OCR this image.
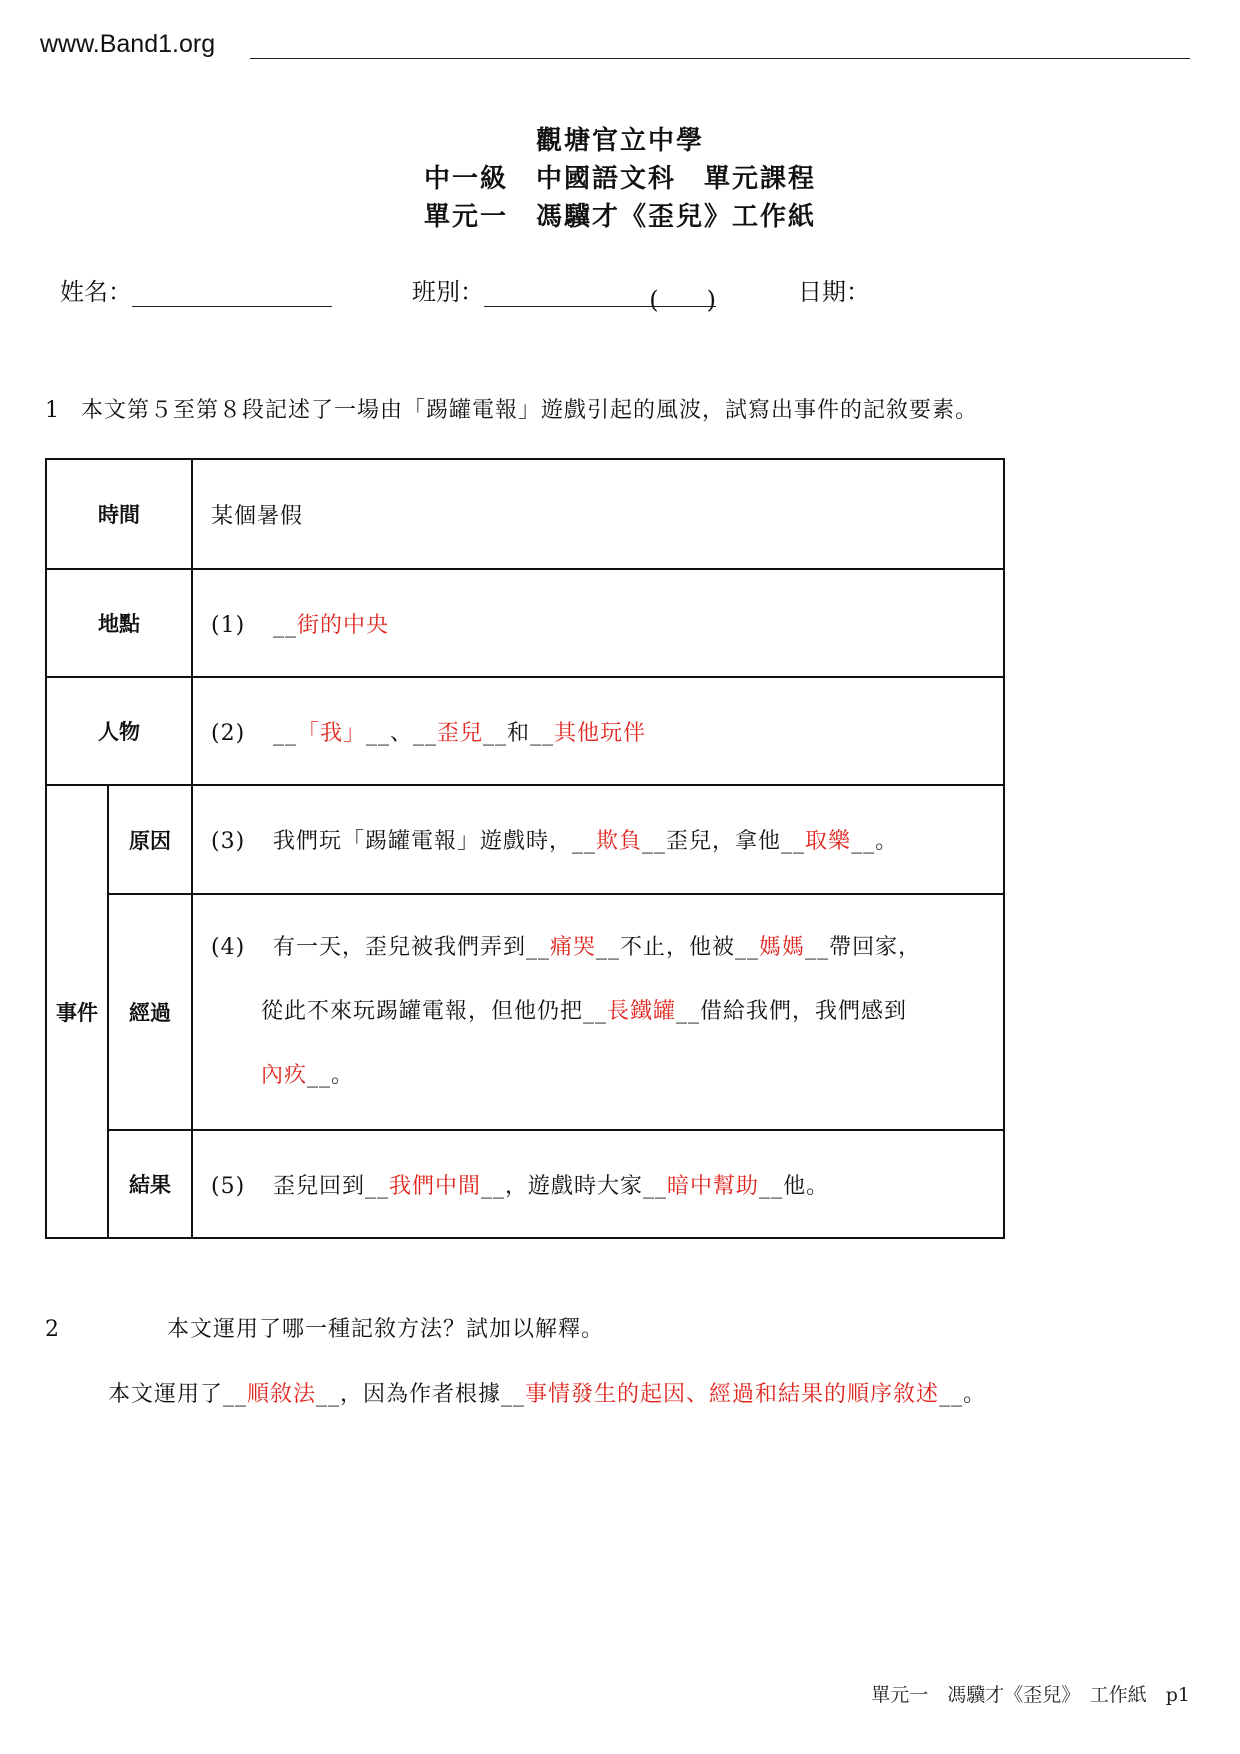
www.Band1.org
觀塘官立中學
中一級　中國語文科　單元課程
單元一　馮驥才《歪兒》工作紙
姓名：	班別：	(　　)	日期：
1 本文第５至第８段記述了一場由「踢罐電報」遊戲引起的風波，試寫出事件的記敘要素。
時間		某個暑假
地點		(1) __街的中央
人物		(2) __「我」__、__歪兒__和__其他玩伴
事件	原因	(3) 我們玩「踢罐電報」遊戲時，__欺負__歪兒，拿他__取樂__。
	經過	(4) 有一天，歪兒被我們弄到__痛哭__不止，他被__媽媽__帶回家，
從此不來玩踢罐電報，但他仍把__長鐵罐__借給我們，我們感到
內疚__。

	結果	(5) 歪兒回到__我們中間__，遊戲時大家__暗中幫助__他。
2	本文運用了哪一種記敘方法？試加以解釋。
本文運用了__順敘法__，因為作者根據__事情發生的起因、經過和結果的順序敘述__。
單元一　馮驥才《歪兒》　工作紙　p1
